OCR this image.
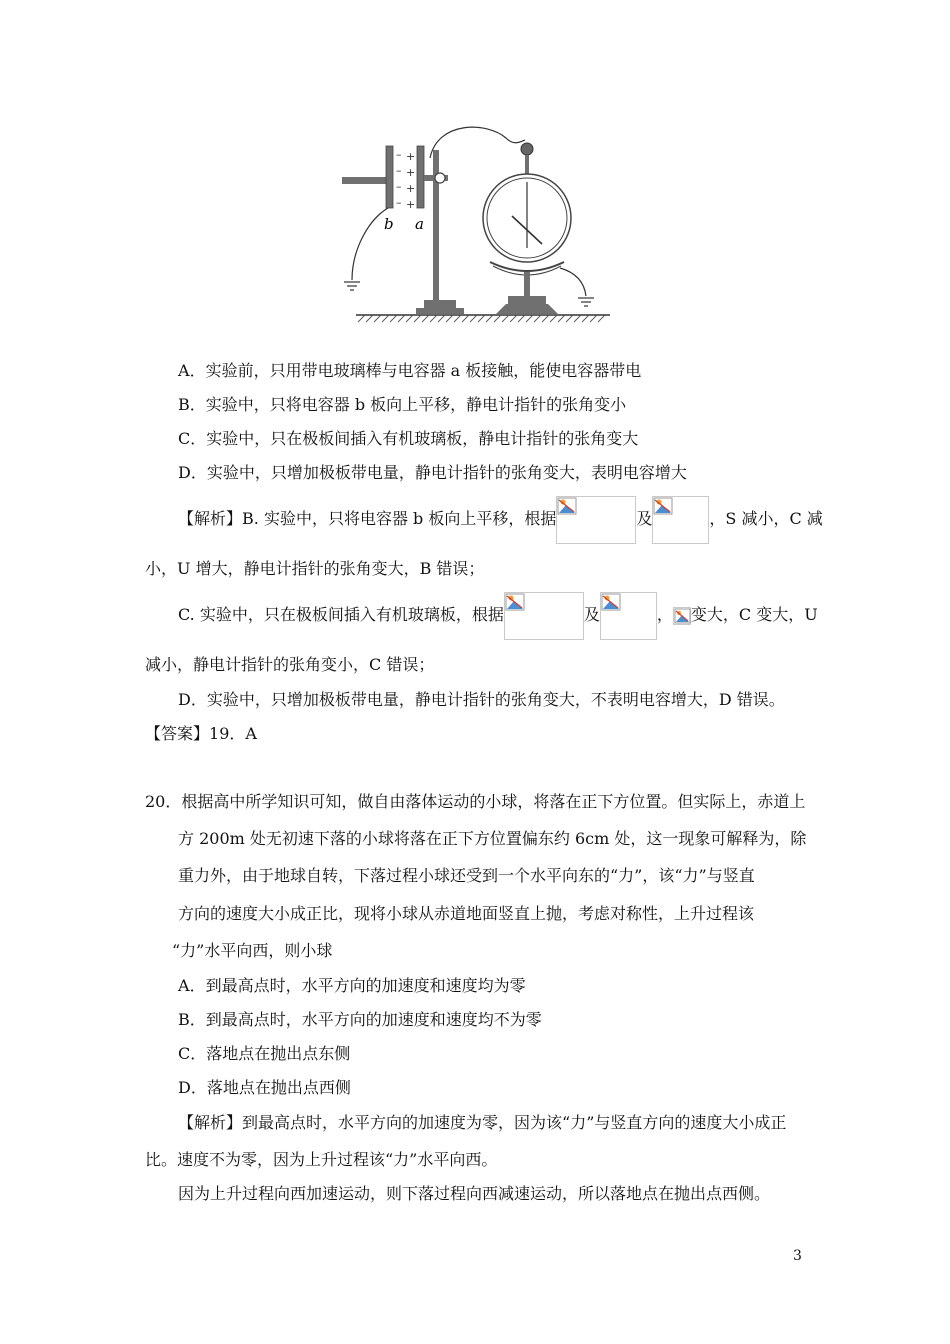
–
–
–
–
+
+
+
+
b a
A．实验前，只用带电玻璃棒与电容器 a 板接触，能使电容器带电
B．实验中，只将电容器 b 板向上平移，静电计指针的张角变小
C．实验中，只在极板间插入有机玻璃板，静电计指针的张角变大
D．实验中，只增加极板带电量，静电计指针的张角变大，表明电容增大
【解析】B. 实验中，只将电容器 b 板向上平移，根据	及	，S 减小，C 减
小，U 增大，静电计指针的张角变大，B 错误；
C. 实验中，只在极板间插入有机玻璃板，根据	及	， 变大，C 变大，U
减小，静电计指针的张角变小，C 错误；
D．实验中，只增加极板带电量，静电计指针的张角变大，不表明电容增大，D 错误。
【答案】19．A
20．根据高中所学知识可知，做自由落体运动的小球，将落在正下方位置。但实际上，赤道上
方 200m 处无初速下落的小球将落在正下方位置偏东约 6cm 处，这一现象可解释为，除
重力外，由于地球自转，下落过程小球还受到一个水平向东的“力”，该“力”与竖直
方向的速度大小成正比，现将小球从赤道地面竖直上抛，考虑对称性，上升过程该
“力”水平向西，则小球
A．到最高点时，水平方向的加速度和速度均为零
B．到最高点时，水平方向的加速度和速度均不为零
C．落地点在抛出点东侧
D．落地点在抛出点西侧
【解析】到最高点时，水平方向的加速度为零，因为该“力”与竖直方向的速度大小成正
比。速度不为零，因为上升过程该“力”水平向西。
因为上升过程向西加速运动，则下落过程向西减速运动，所以落地点在抛出点西侧。
3
